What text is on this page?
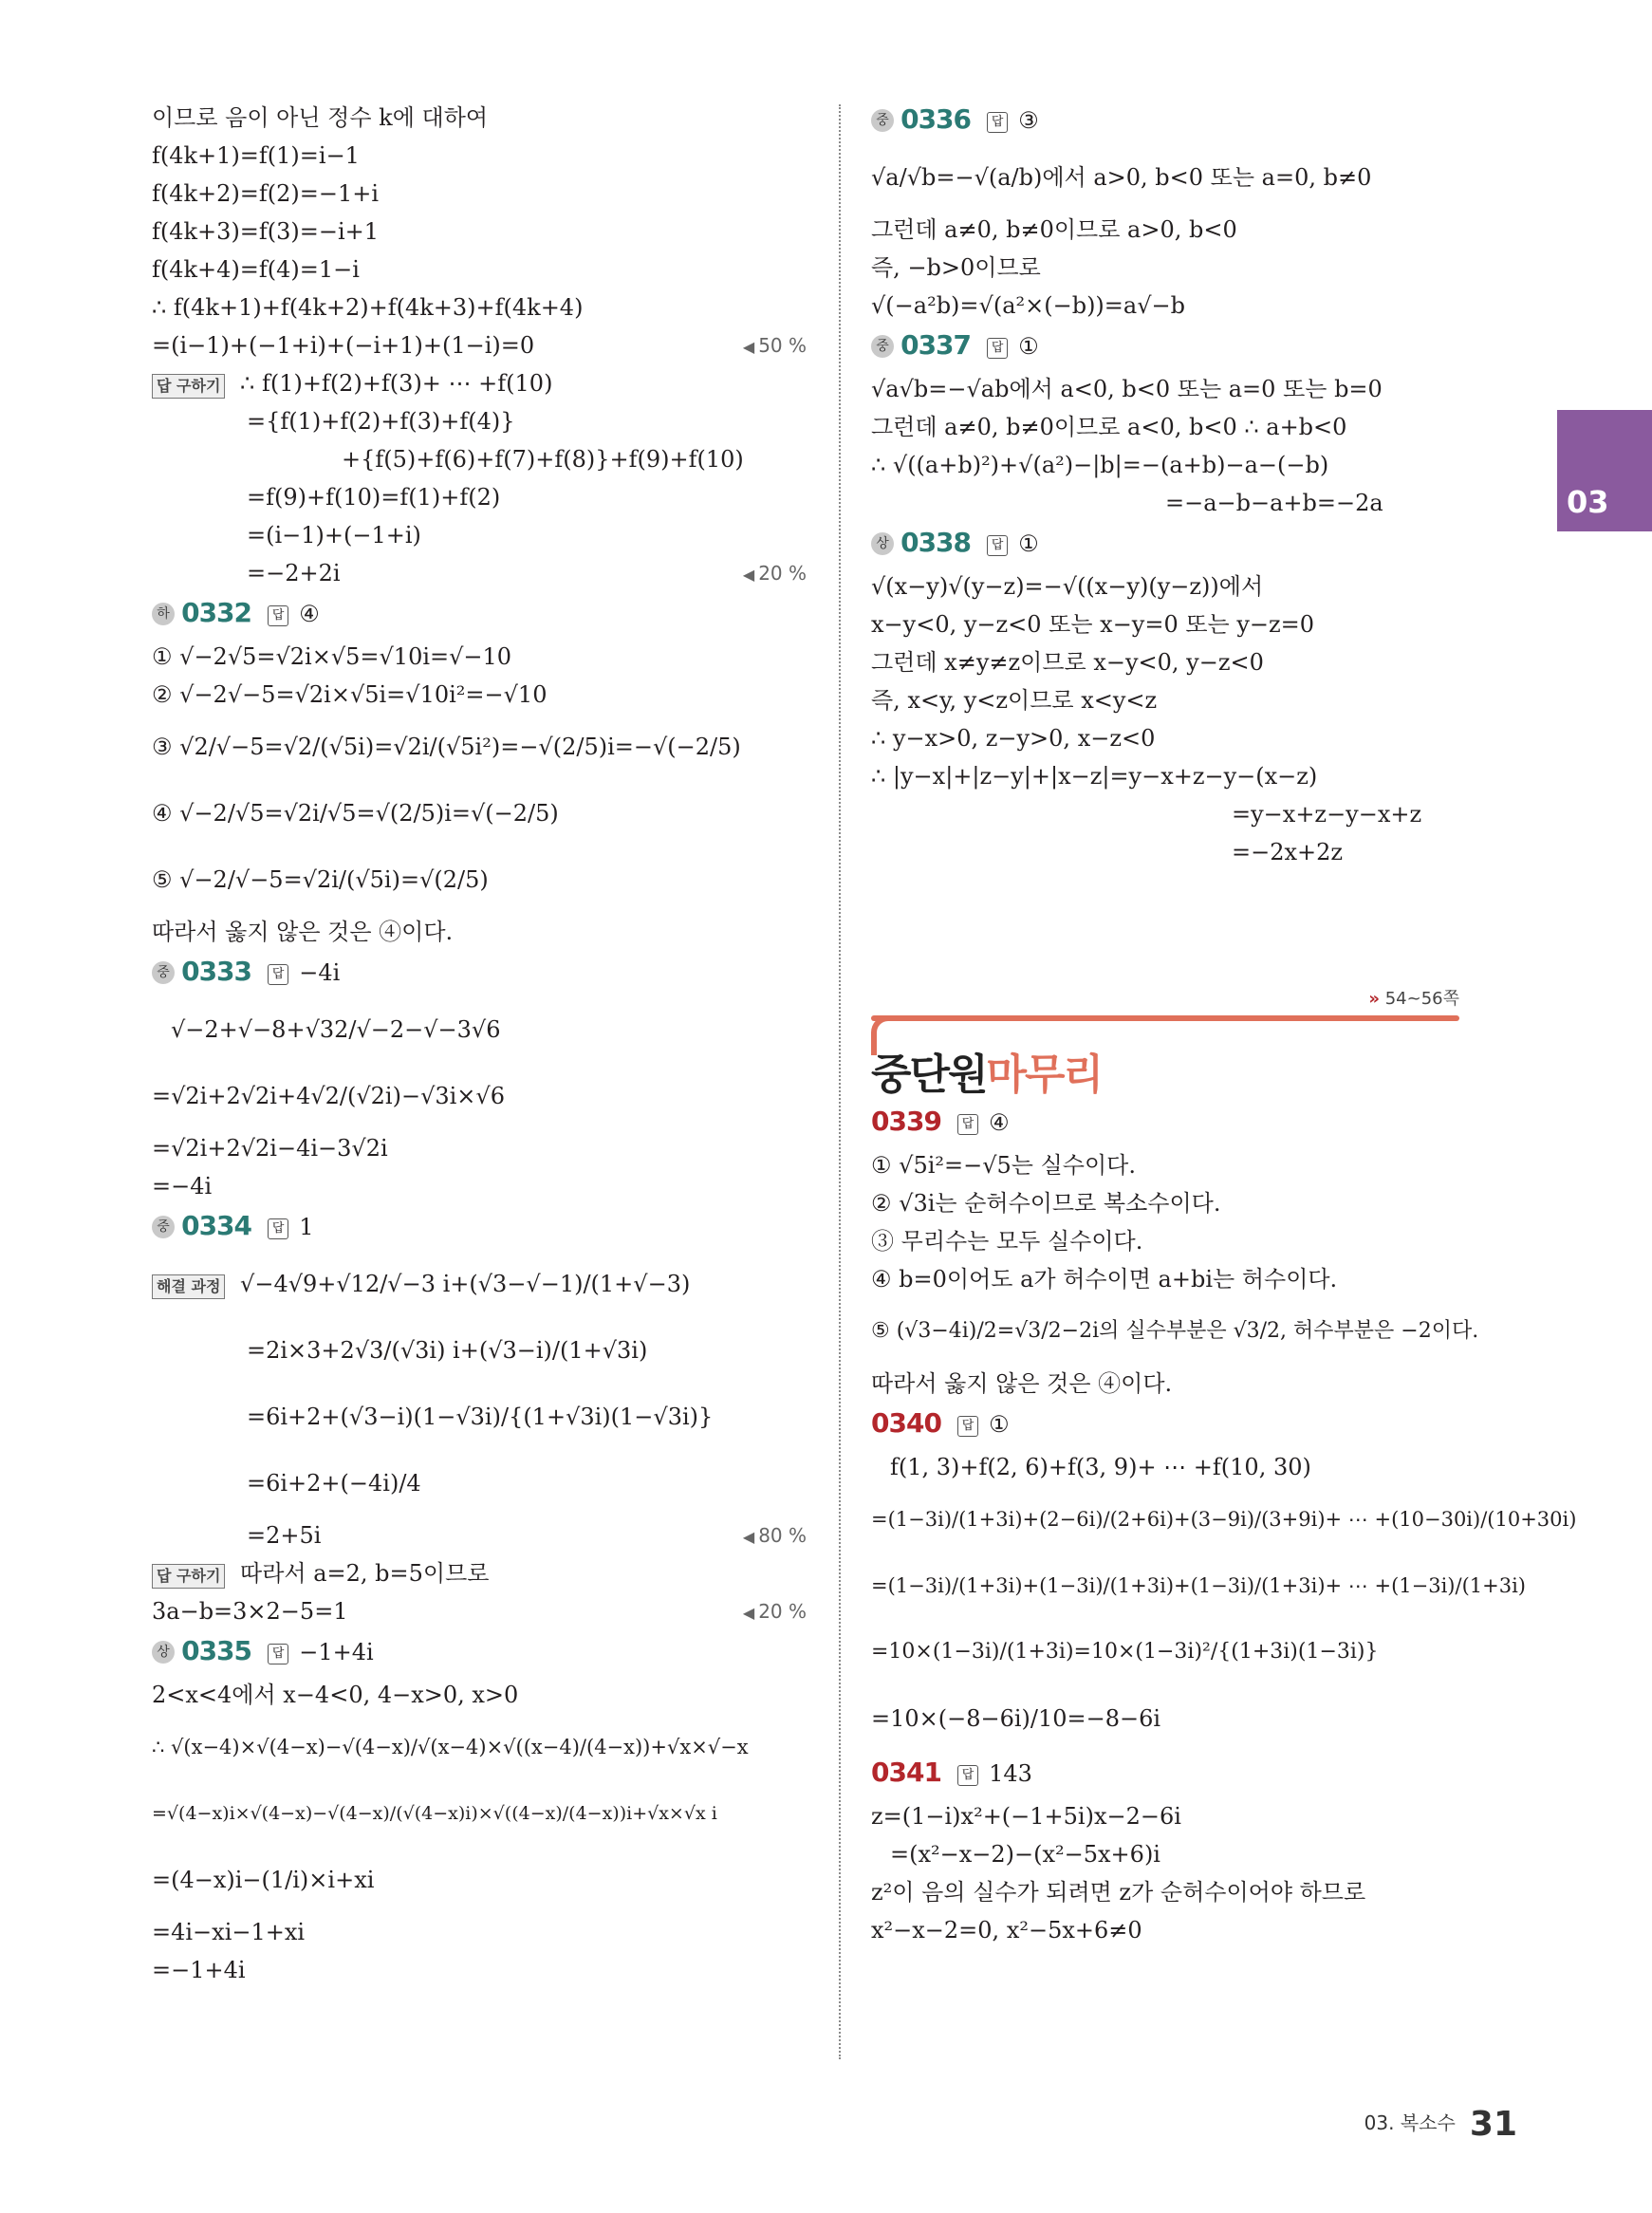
03
이므로 음이 아닌 정수 k에 대하여
f(4k+1)=f(1)=i−1
f(4k+2)=f(2)=−1+i
f(4k+3)=f(3)=−i+1
f(4k+4)=f(4)=1−i
∴ f(4k+1)+f(4k+2)+f(4k+3)+f(4k+4)
=(i−1)+(−1+i)+(−i+1)+(1−i)=0	◀ 50 %
답 구하기 ∴ f(1)+f(2)+f(3)+ ⋯ +f(10)
={f(1)+f(2)+f(3)+f(4)}
+{f(5)+f(6)+f(7)+f(8)}+f(9)+f(10)
=f(9)+f(10)=f(1)+f(2)
=(i−1)+(−1+i)
=−2+2i	◀ 20 %
하 0332 답 ④
① √−2√5=√2i×√5=√10i=√−10
② √−2√−5=√2i×√5i=√10i²=−√10
③ √2/√−5=√2/(√5i)=√2i/(√5i²)=−√(2/5)i=−√(−2/5)
④ √−2/√5=√2i/√5=√(2/5)i=√(−2/5)
⑤ √−2/√−5=√2i/(√5i)=√(2/5)
따라서 옳지 않은 것은 ④이다.
중 0333 답 −4i
√−2+√−8+√32/√−2−√−3√6
=√2i+2√2i+4√2/(√2i)−√3i×√6
=√2i+2√2i−4i−3√2i
=−4i
중 0334 답 1
해결 과정 √−4√9+√12/√−3 i+(√3−√−1)/(1+√−3)
=2i×3+2√3/(√3i) i+(√3−i)/(1+√3i)
=6i+2+(√3−i)(1−√3i)/{(1+√3i)(1−√3i)}
=6i+2+(−4i)/4
=2+5i	◀ 80 %
답 구하기 따라서 a=2, b=5이므로
3a−b=3×2−5=1	◀ 20 %
상 0335 답 −1+4i
2<x<4에서 x−4<0, 4−x>0, x>0
∴ √(x−4)×√(4−x)−√(4−x)/√(x−4)×√((x−4)/(4−x))+√x×√−x
=√(4−x)i×√(4−x)−√(4−x)/(√(4−x)i)×√((4−x)/(4−x))i+√x×√x i
=(4−x)i−(1/i)×i+xi
=4i−xi−1+xi
=−1+4i
중 0336 답 ③
√a/√b=−√(a/b)에서 a>0, b<0 또는 a=0, b≠0
그런데 a≠0, b≠0이므로 a>0, b<0
즉, −b>0이므로
√(−a²b)=√(a²×(−b))=a√−b
중 0337 답 ①
√a√b=−√ab에서 a<0, b<0 또는 a=0 또는 b=0
그런데 a≠0, b≠0이므로 a<0, b<0 ∴ a+b<0
∴ √((a+b)²)+√(a²)−|b|=−(a+b)−a−(−b)
=−a−b−a+b=−2a
상 0338 답 ①
√(x−y)√(y−z)=−√((x−y)(y−z))에서
x−y<0, y−z<0 또는 x−y=0 또는 y−z=0
그런데 x≠y≠z이므로 x−y<0, y−z<0
즉, x<y, y<z이므로 x<y<z
∴ y−x>0, z−y>0, x−z<0
∴ |y−x|+|z−y|+|x−z|=y−x+z−y−(x−z)
=y−x+z−y−x+z
=−2x+2z
» 54~56쪽
중단원마무리
0339 답 ④
① √5i²=−√5는 실수이다.
② √3i는 순허수이므로 복소수이다.
③ 무리수는 모두 실수이다.
④ b=0이어도 a가 허수이면 a+bi는 허수이다.
⑤ (√3−4i)/2=√3/2−2i의 실수부분은 √3/2, 허수부분은 −2이다.
따라서 옳지 않은 것은 ④이다.
0340 답 ①
f(1, 3)+f(2, 6)+f(3, 9)+ ⋯ +f(10, 30)
=(1−3i)/(1+3i)+(2−6i)/(2+6i)+(3−9i)/(3+9i)+ ⋯ +(10−30i)/(10+30i)
=(1−3i)/(1+3i)+(1−3i)/(1+3i)+(1−3i)/(1+3i)+ ⋯ +(1−3i)/(1+3i)
=10×(1−3i)/(1+3i)=10×(1−3i)²/{(1+3i)(1−3i)}
=10×(−8−6i)/10=−8−6i
0341 답 143
z=(1−i)x²+(−1+5i)x−2−6i
=(x²−x−2)−(x²−5x+6)i
z²이 음의 실수가 되려면 z가 순허수이어야 하므로
x²−x−2=0, x²−5x+6≠0
03. 복소수 31
